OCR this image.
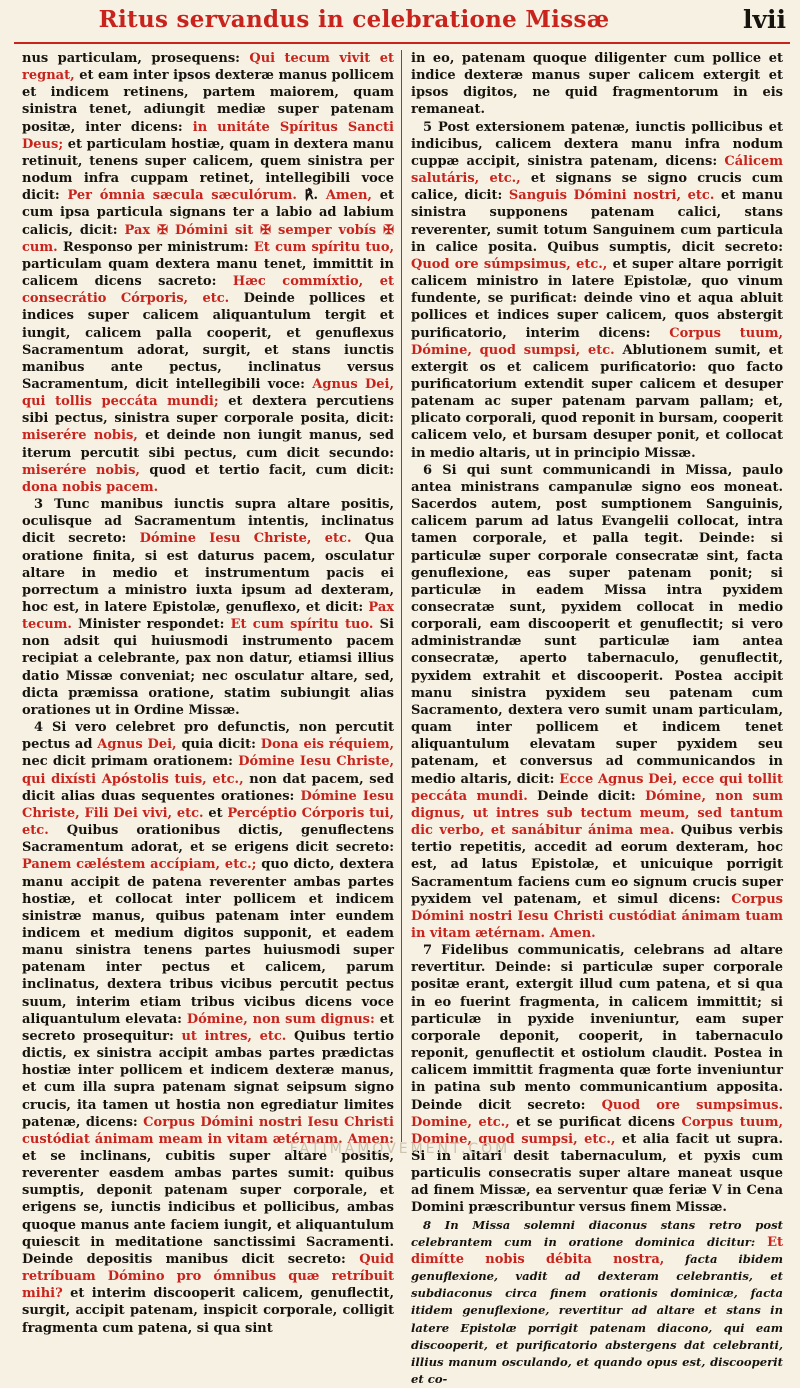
Ritus servandus in celebratione Missæ	lvii

nus particulam, prosequens: Qui tecum vivit et regnat, et eam inter ipsos dexteræ manus pollicem et indicem retinens, partem maiorem, quam sinistra tenet, adiungit mediæ super patenam positæ, inter dicens: in unitáte Spíritus Sancti Deus; et particulam hostiæ, quam in dextera manu retinuit, tenens super calicem, quem sinistra per nodum infra cuppam retinet, intellegibili voce dicit: Per ómnia sæcula sæculórum. ℟. Amen, et cum ipsa particula signans ter a labio ad labium calicis, dicit: Pax ✠ Dómini sit ✠ semper vobís ✠ cum. Responso per ministrum: Et cum spíritu tuo, particulam quam dextera manu tenet, immittit in calicem dicens sacreto: Hæc commíxtio, et consecrátio Córporis, etc. Deinde pollices et indices super calicem aliquantulum tergit et iungit, calicem palla cooperit, et genuflexus Sacramentum adorat, surgit, et stans iunctis manibus ante pectus, inclinatus versus Sacramentum, dicit intellegibili voce: Agnus Dei, qui tollis peccáta mundi; et dextera percutiens sibi pectus, sinistra super corporale posita, dicit: miserére nobis, et deinde non iungit manus, sed iterum percutit sibi pectus, cum dicit secundo: miserére nobis, quod et tertio facit, cum dicit: dona nobis pacem.

3 Tunc manibus iunctis supra altare positis, oculisque ad Sacramentum intentis, inclinatus dicit secreto: Dómine Iesu Christe, etc. Qua oratione finita, si est daturus pacem, osculatur altare in medio et instrumentum pacis ei porrectum a ministro iuxta ipsum ad dexteram, hoc est, in latere Epistolæ, genuflexo, et dicit: Pax tecum. Minister respondet: Et cum spíritu tuo. Si non adsit qui huiusmodi instrumento pacem recipiat a celebrante, pax non datur, etiamsi illius datio Missæ conveniat; nec osculatur altare, sed, dicta præmissa oratione, statim subiungit alias orationes ut in Ordine Missæ.

4 Si vero celebret pro defunctis, non percutit pectus ad Agnus Dei, quia dicit: Dona eis réquiem, nec dicit primam orationem: Dómine Iesu Christe, qui dixísti Apóstolis tuis, etc., non dat pacem, sed dicit alias duas sequentes orationes: Dómine Iesu Christe, Fili Dei vivi, etc. et Percéptio Córporis tui, etc. Quibus orationibus dictis, genuflectens Sacramentum adorat, et se erigens dicit secreto: Panem cæléstem accípiam, etc.; quo dicto, dextera manu accipit de patena reverenter ambas partes hostiæ, et collocat inter pollicem et indicem sinistræ manus, quibus patenam inter eundem indicem et medium digitos supponit, et eadem manu sinistra tenens partes huiusmodi super patenam inter pectus et calicem, parum inclinatus, dextera tribus vicibus percutit pectus suum, interim etiam tribus vicibus dicens voce aliquantulum elevata: Dómine, non sum dignus: et secreto prosequitur: ut intres, etc. Quibus tertio dictis, ex sinistra accipit ambas partes prædictas hostiæ inter pollicem et indicem dexteræ manus, et cum illa supra patenam signat seipsum signo crucis, ita tamen ut hostia non egrediatur limites patenæ, dicens: Corpus Dómini nostri Iesu Christi custódiat ánimam meam in vitam ætérnam. Amen: et se inclinans, cubitis super altare positis, reverenter easdem ambas partes sumit: quibus sumptis, deponit patenam super corporale, et erigens se, iunctis indicibus et pollicibus, ambas quoque manus ante faciem iungit, et aliquantulum quiescit in meditatione sanctissimi Sacramenti. Deinde depositis manibus dicit secreto: Quid retríbuam Dómino pro ómnibus quæ retríbuit mihi? et interim discooperit calicem, genuflectit, surgit, accipit patenam, inspicit corporale, colligit fragmenta cum patena, si qua sint

in eo, patenam quoque diligenter cum pollice et indice dexteræ manus super calicem extergit et ipsos digitos, ne quid fragmentorum in eis remaneat.

5 Post extersionem patenæ, iunctis pollicibus et indicibus, calicem dextera manu infra nodum cuppæ accipit, sinistra patenam, dicens: Cálicem salutáris, etc., et signans se signo crucis cum calice, dicit: Sanguis Dómini nostri, etc. et manu sinistra supponens patenam calici, stans reverenter, sumit totum Sanguinem cum particula in calice posita. Quibus sumptis, dicit secreto: Quod ore súmpsimus, etc., et super altare porrigit calicem ministro in latere Epistolæ, quo vinum fundente, se purificat: deinde vino et aqua abluit pollices et indices super calicem, quos abstergit purificatorio, interim dicens: Corpus tuum, Dómine, quod sumpsi, etc. Ablutionem sumit, et extergit os et calicem purificatorio: quo facto purificatorium extendit super calicem et desuper patenam ac super patenam parvam pallam; et, plicato corporali, quod reponit in bursam, cooperit calicem velo, et bursam desuper ponit, et collocat in medio altaris, ut in principio Missæ.

6 Si qui sunt communicandi in Missa, paulo antea ministrans campanulæ signo eos moneat. Sacerdos autem, post sumptionem Sanguinis, calicem parum ad latus Evangelii collocat, intra tamen corporale, et palla tegit. Deinde: si particulæ super corporale consecratæ sint, facta genuflexione, eas super patenam ponit; si particulæ in eadem Missa intra pyxidem consecratæ sunt, pyxidem collocat in medio corporali, eam discooperit et genuflectit; si vero administrandæ sunt particulæ iam antea consecratæ, aperto tabernaculo, genuflectit, pyxidem extrahit et discooperit. Postea accipit manu sinistra pyxidem seu patenam cum Sacramento, dextera vero sumit unam particulam, quam inter pollicem et indicem tenet aliquantulum elevatam super pyxidem seu patenam, et conversus ad communicandos in medio altaris, dicit: Ecce Agnus Dei, ecce qui tollit peccáta mundi. Deinde dicit: Dómine, non sum dignus, ut intres sub tectum meum, sed tantum dic verbo, et sanábitur ánima mea. Quibus verbis tertio repetitis, accedit ad eorum dexteram, hoc est, ad latus Epistolæ, et unicuique porrigit Sacramentum faciens cum eo signum crucis super pyxidem vel patenam, et simul dicens: Corpus Dómini nostri Iesu Christi custódiat ánimam tuam in vitam ætérnam. Amen.

7 Fidelibus communicatis, celebrans ad altare revertitur. Deinde: si particulæ super corporale positæ erant, extergit illud cum patena, et si qua in eo fuerint fragmenta, in calicem immittit; si particulæ in pyxide inveniuntur, eam super corporale deponit, cooperit, in tabernaculo reponit, genuflectit et ostiolum claudit. Postea in calicem immittit fragmenta quæ forte inveniuntur in patina sub mento communicantium apposita. Deinde dicit secreto: Quod ore sumpsimus. Domine, etc., et se purificat dicens Corpus tuum, Domine, quod sumpsi, etc., et alia facit ut supra. Si in altari desit tabernaculum, et pyxis cum particulis consecratis super altare maneat usque ad finem Missæ, ea serventur quæ feriæ V in Cena Domini præscribuntur versus finem Missæ.

8 In Missa solemni diaconus stans retro post celebrantem cum in oratione dominica dicitur: Et dimítte nobis débita nostra, facta ibidem genuflexione, vadit ad dexteram celebrantis, et subdiaconus circa finem orationis dominicæ, facta itidem genuflexione, revertitur ad altare et stans in latere Epistolæ porrigit patenam diacono, qui eam discooperit, et purificatorio abstergens dat celebranti, illius manum osculando, et quando opus est, discooperit et co-

FATIMAMOVEMENT.COM
